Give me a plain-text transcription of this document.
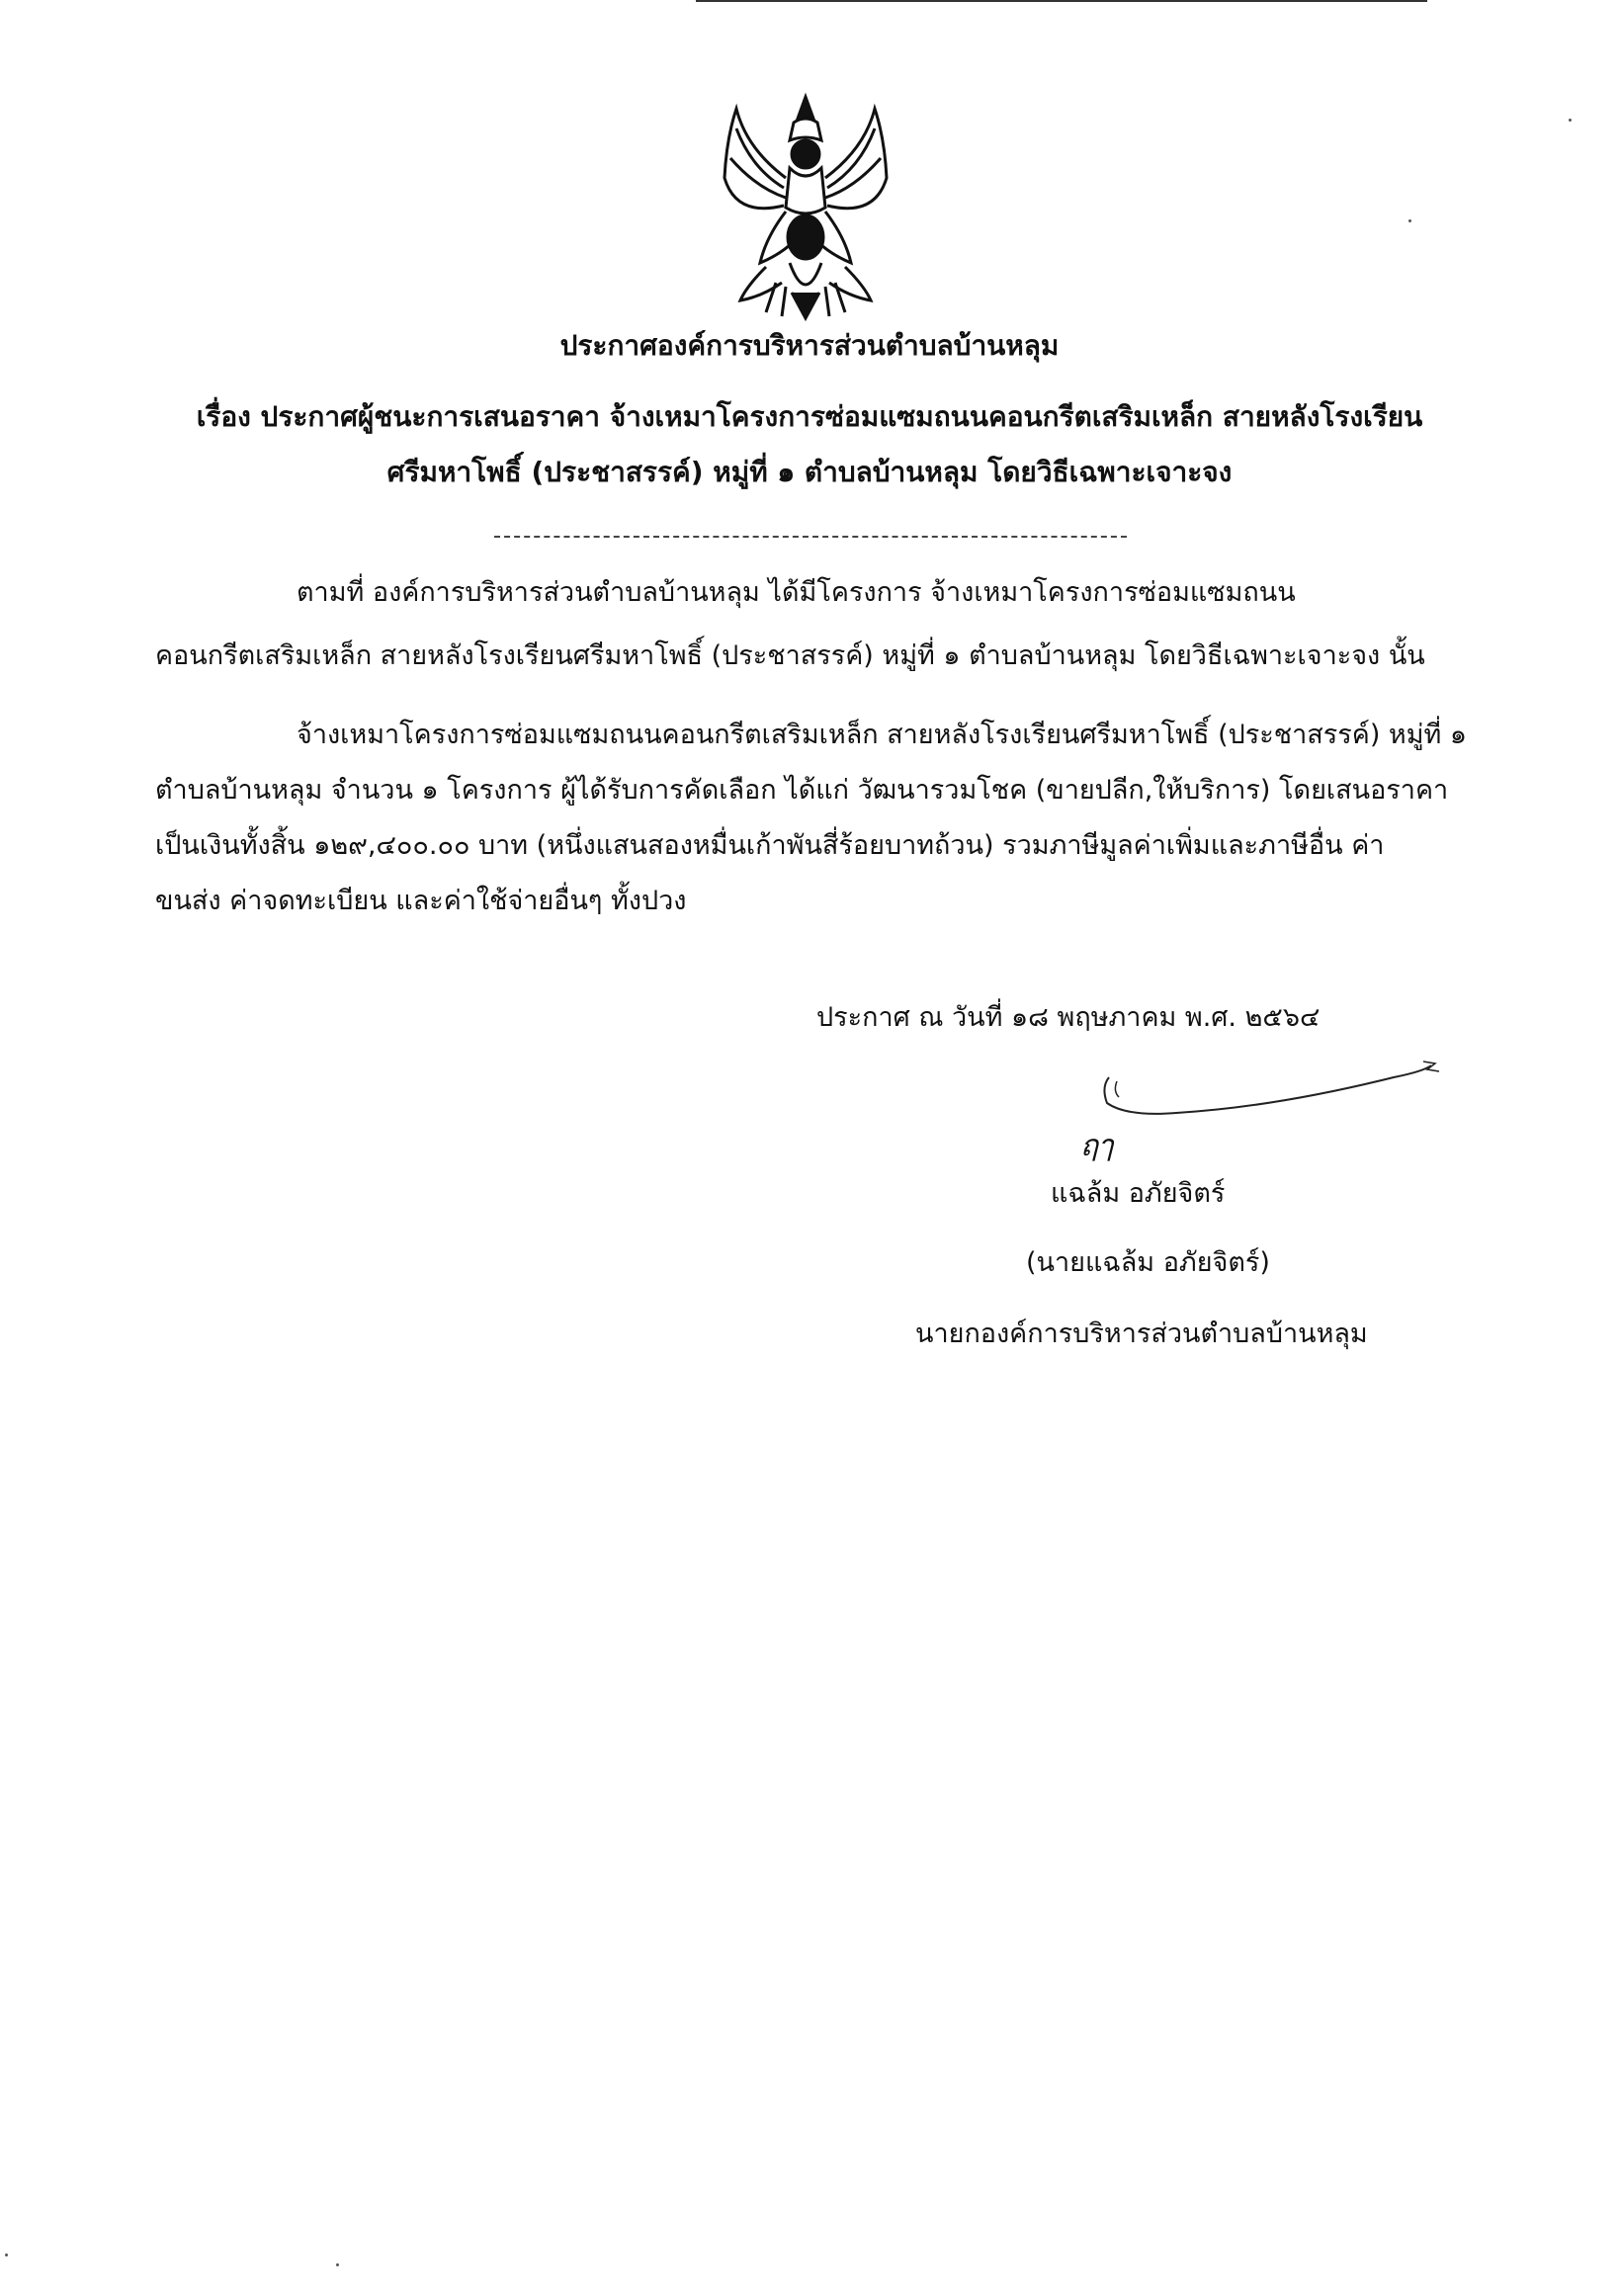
ประกาศองค์การบริหารส่วนตำบลบ้านหลุม
เรื่อง ประกาศผู้ชนะการเสนอราคา จ้างเหมาโครงการซ่อมแซมถนนคอนกรีตเสริมเหล็ก สายหลังโรงเรียน
ศรีมหาโพธิ์ (ประชาสรรค์) หมู่ที่ ๑ ตำบลบ้านหลุม โดยวิธีเฉพาะเจาะจง
ตามที่ องค์การบริหารส่วนตำบลบ้านหลุม ได้มีโครงการ จ้างเหมาโครงการซ่อมแซมถนน
คอนกรีตเสริมเหล็ก สายหลังโรงเรียนศรีมหาโพธิ์ (ประชาสรรค์) หมู่ที่ ๑ ตำบลบ้านหลุม โดยวิธีเฉพาะเจาะจง นั้น
จ้างเหมาโครงการซ่อมแซมถนนคอนกรีตเสริมเหล็ก สายหลังโรงเรียนศรีมหาโพธิ์ (ประชาสรรค์) หมู่ที่ ๑
ตำบลบ้านหลุม จำนวน ๑ โครงการ ผู้ได้รับการคัดเลือก ได้แก่ วัฒนารวมโชค (ขายปลีก,ให้บริการ) โดยเสนอราคา
เป็นเงินทั้งสิ้น ๑๒๙,๔๐๐.๐๐ บาท (หนึ่งแสนสองหมื่นเก้าพันสี่ร้อยบาทถ้วน) รวมภาษีมูลค่าเพิ่มและภาษีอื่น ค่า
ขนส่ง ค่าจดทะเบียน และค่าใช้จ่ายอื่นๆ ทั้งปวง
ประกาศ ณ วันที่ ๑๘ พฤษภาคม พ.ศ. ๒๕๖๔
ฤๅ
แฉล้ม อภัยจิตร์
(นายแฉล้ม อภัยจิตร์)
นายกองค์การบริหารส่วนตำบลบ้านหลุม
